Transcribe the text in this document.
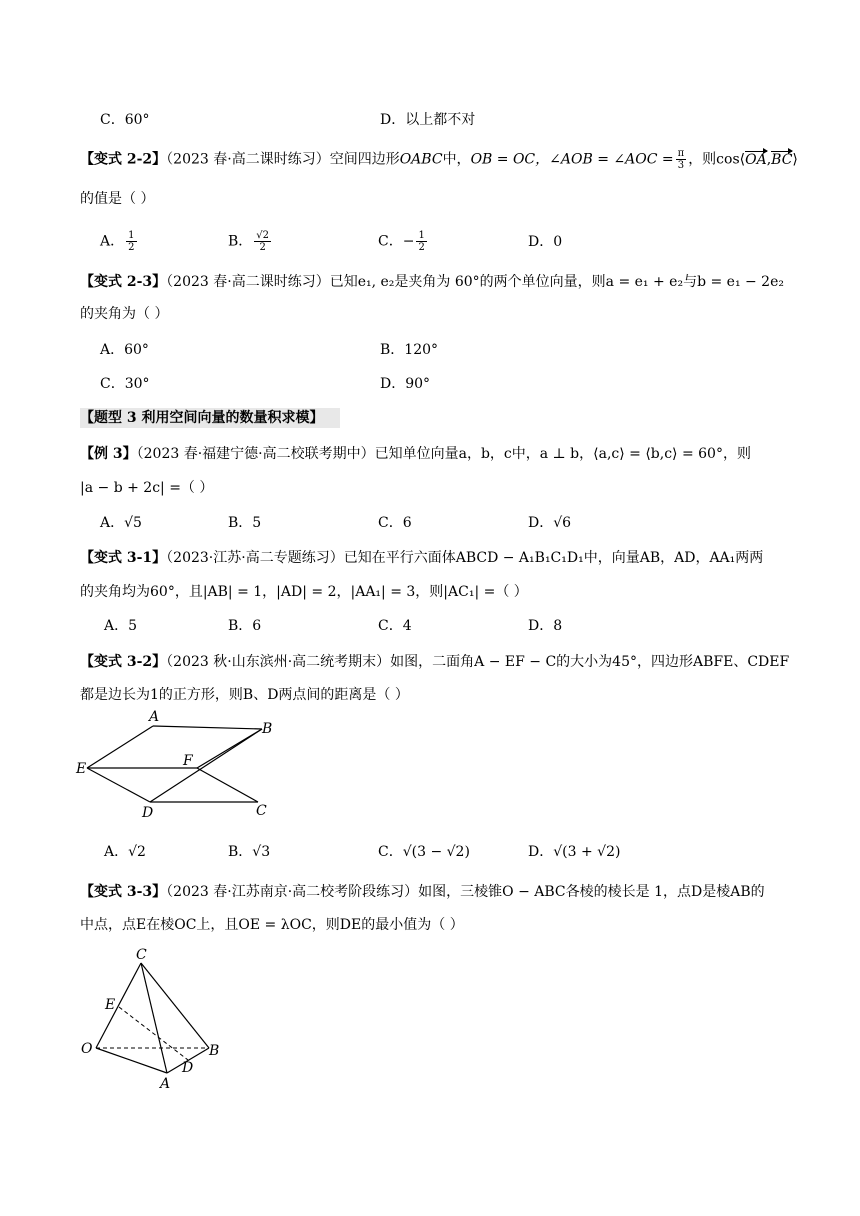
C．60°	D．以上都不对
【变式 2-2】（2023 春·高二课时练习）空间四边形OABC中，OB = OC，∠AOB = ∠AOC = $\frac{\pi}{3}$ ，则cos⟨OA,BC⟩
的值是（ ）
A． $\frac{1}{2}$	B． $\frac{√2}{2}$	C．− $\frac{1}{2}$	D．0
【变式 2-3】（2023 春·高二课时练习）已知e₁, e₂是夹角为 60°的两个单位向量，则a = e₁ + e₂与b = e₁ − 2e₂
的夹角为（ ）
A．60°	B．120°
C．30°	D．90°
【题型 3 利用空间向量的数量积求模】
【例 3】（2023 春·福建宁德·高二校联考期中）已知单位向量a，b，c中，a ⊥ b，⟨a,c⟩ = ⟨b,c⟩ = 60°，则
|a − b + 2c| =（ ）
A．√5	B．5	C．6	D．√6
【变式 3-1】（2023·江苏·高二专题练习）已知在平行六面体ABCD − A₁B₁C₁D₁中，向量AB，AD，AA₁两两
的夹角均为60°，且|AB| = 1，|AD| = 2，|AA₁| = 3，则|AC₁| =（ ）
A．5	B．6	C．4	D．8
【变式 3-2】（2023 秋·山东滨州·高二统考期末）如图，二面角A − EF − C的大小为45°，四边形ABFE、CDEF
都是边长为1的正方形，则B、D两点间的距离是（ ）
A
B
C
D
E	F
A．√2	B．√3	C．√(3 − √2)	D．√(3 + √2)
【变式 3-3】（2023 春·江苏南京·高二校考阶段练习）如图，三棱锥O − ABC各棱的棱长是 1，点D是棱AB的
中点，点E在棱OC上，且OE = λOC，则DE的最小值为（ ）
C
E
O	B
D
A
